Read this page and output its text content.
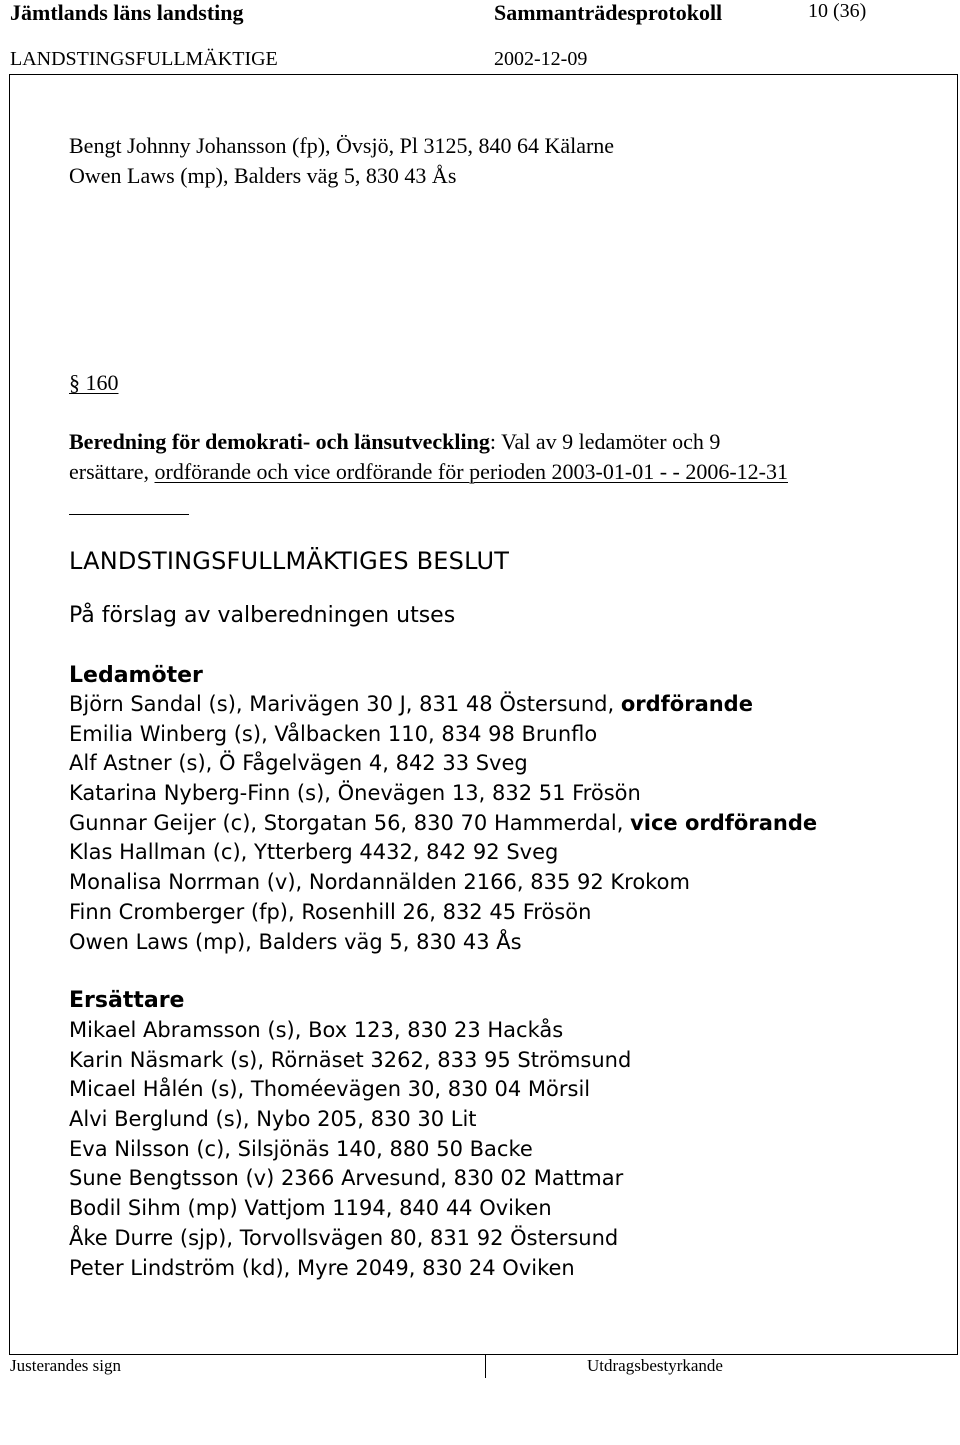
Jämtlands läns landsting	Sammanträdesprotokoll	10 (36)
LANDSTINGSFULLMÄKTIGE	2002-12-09
Bengt Johnny Johansson (fp), Övsjö, Pl 3125, 840 64 Kälarne
Owen Laws (mp), Balders väg 5, 830 43 Ås
§ 160
Beredning för demokrati- och länsutveckling: Val av 9 ledamöter och 9
ersättare, ordförande och vice ordförande för perioden 2003-01-01 - - 2006-12-31
LANDSTINGSFULLMÄKTIGES BESLUT
På förslag av valberedningen utses
Ledamöter
Björn Sandal (s), Marivägen 30 J, 831 48 Östersund, ordförande
Emilia Winberg (s), Vålbacken 110, 834 98 Brunflo
Alf Astner (s), Ö Fågelvägen 4, 842 33 Sveg
Katarina Nyberg-Finn (s), Önevägen 13, 832 51 Frösön
Gunnar Geijer (c), Storgatan 56, 830 70 Hammerdal, vice ordförande
Klas Hallman (c), Ytterberg 4432, 842 92 Sveg
Monalisa Norrman (v), Nordannälden 2166, 835 92 Krokom
Finn Cromberger (fp), Rosenhill 26, 832 45 Frösön
Owen Laws (mp), Balders väg 5, 830 43 Ås
Ersättare
Mikael Abramsson (s), Box 123, 830 23 Hackås
Karin Näsmark (s), Rörnäset 3262, 833 95 Strömsund
Micael Hålén (s), Thoméevägen 30, 830 04 Mörsil
Alvi Berglund (s), Nybo 205, 830 30 Lit
Eva Nilsson (c), Silsjönäs 140, 880 50 Backe
Sune Bengtsson (v) 2366 Arvesund, 830 02 Mattmar
Bodil Sihm (mp) Vattjom 1194, 840 44 Oviken
Åke Durre (sjp), Torvollsvägen 80, 831 92 Östersund
Peter Lindström (kd), Myre 2049, 830 24 Oviken
Justerandes sign	Utdragsbestyrkande
